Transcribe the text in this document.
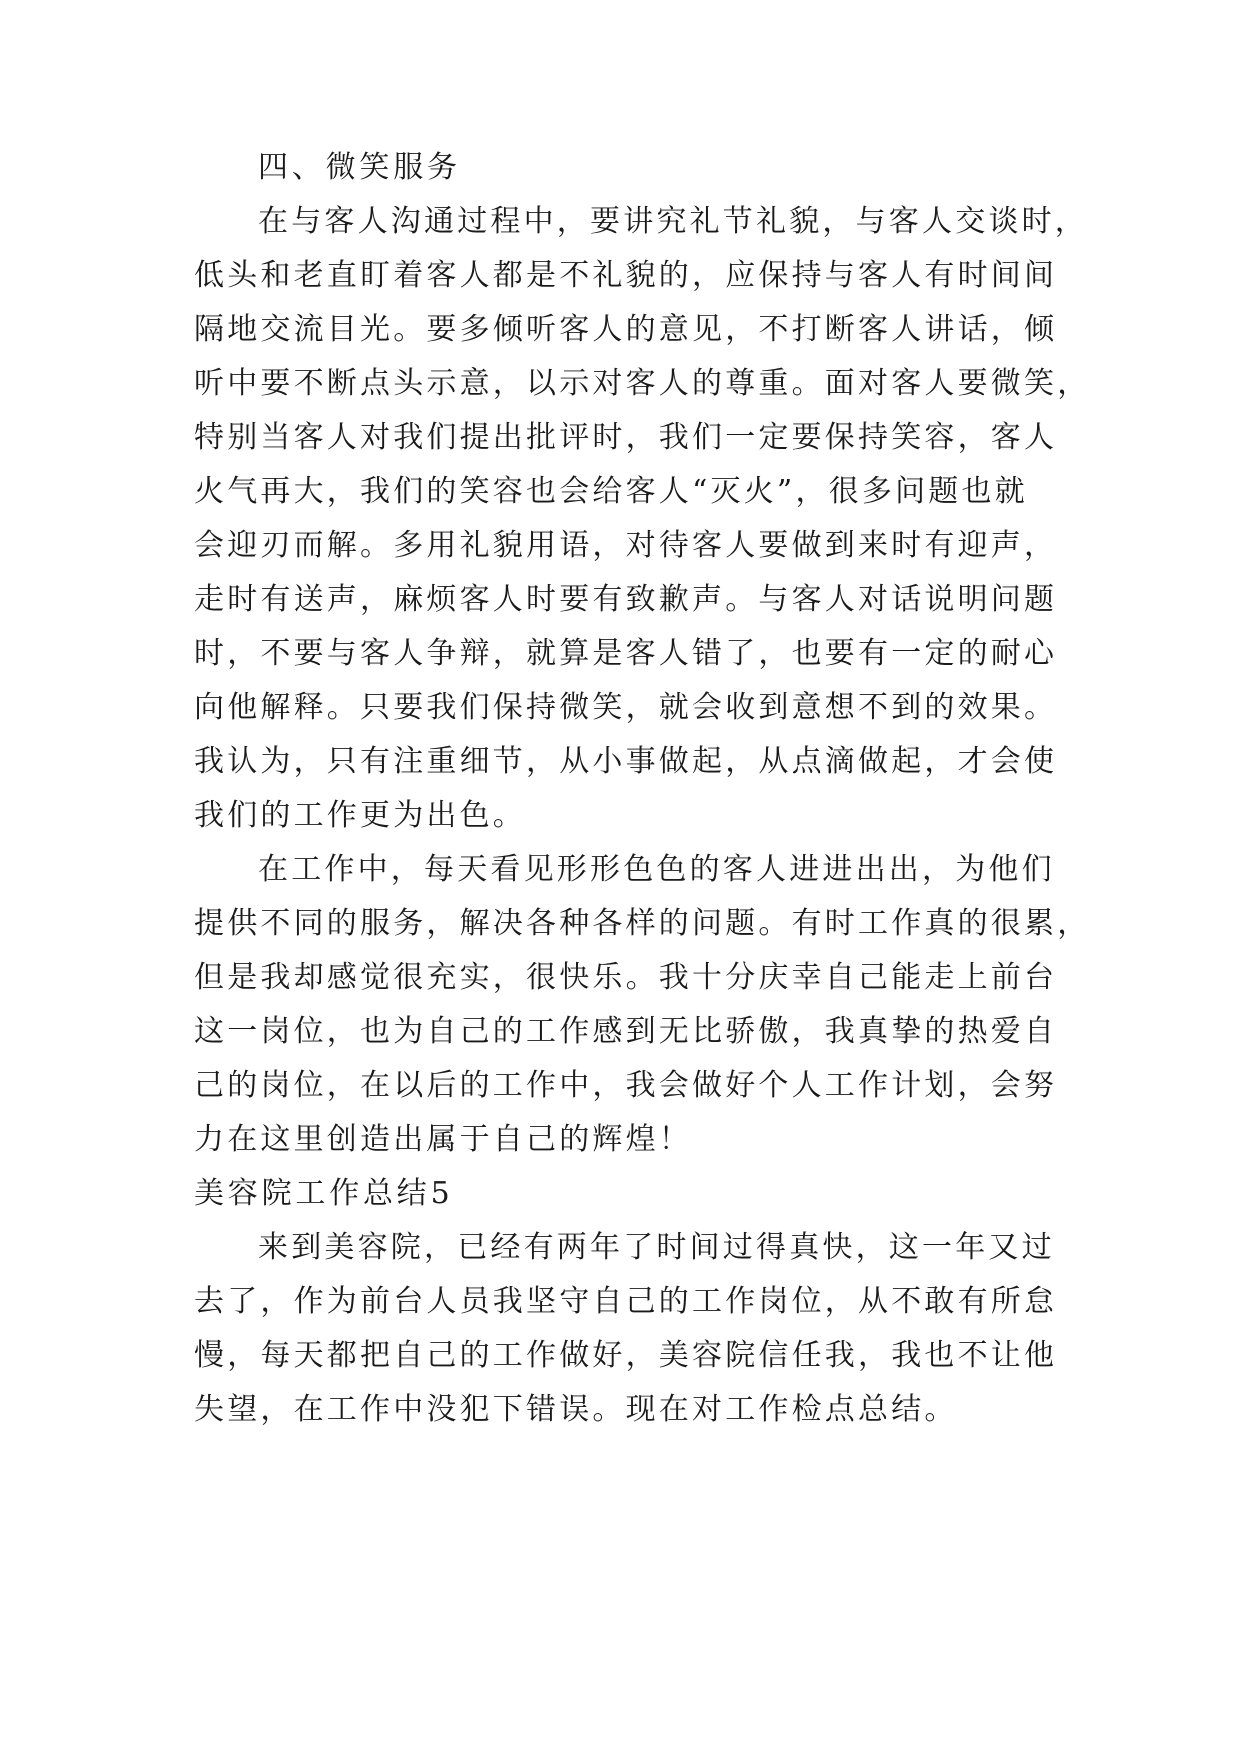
四、微笑服务
在与客人沟通过程中，要讲究礼节礼貌，与客人交谈时，
低头和老直盯着客人都是不礼貌的，应保持与客人有时间间
隔地交流目光。要多倾听客人的意见，不打断客人讲话，倾
听中要不断点头示意，以示对客人的尊重。面对客人要微笑，
特别当客人对我们提出批评时，我们一定要保持笑容，客人
火气再大，我们的笑容也会给客人“灭火”，很多问题也就
会迎刃而解。多用礼貌用语，对待客人要做到来时有迎声，
走时有送声，麻烦客人时要有致歉声。与客人对话说明问题
时，不要与客人争辩，就算是客人错了，也要有一定的耐心
向他解释。只要我们保持微笑，就会收到意想不到的效果。
我认为，只有注重细节，从小事做起，从点滴做起，才会使
我们的工作更为出色。
在工作中，每天看见形形色色的客人进进出出，为他们
提供不同的服务，解决各种各样的问题。有时工作真的很累，
但是我却感觉很充实，很快乐。我十分庆幸自己能走上前台
这一岗位，也为自己的工作感到无比骄傲，我真挚的热爱自
己的岗位，在以后的工作中，我会做好个人工作计划，会努
力在这里创造出属于自己的辉煌！
美容院工作总结5
来到美容院，已经有两年了时间过得真快，这一年又过
去了，作为前台人员我坚守自己的工作岗位，从不敢有所怠
慢，每天都把自己的工作做好，美容院信任我，我也不让他
失望，在工作中没犯下错误。现在对工作检点总结。
